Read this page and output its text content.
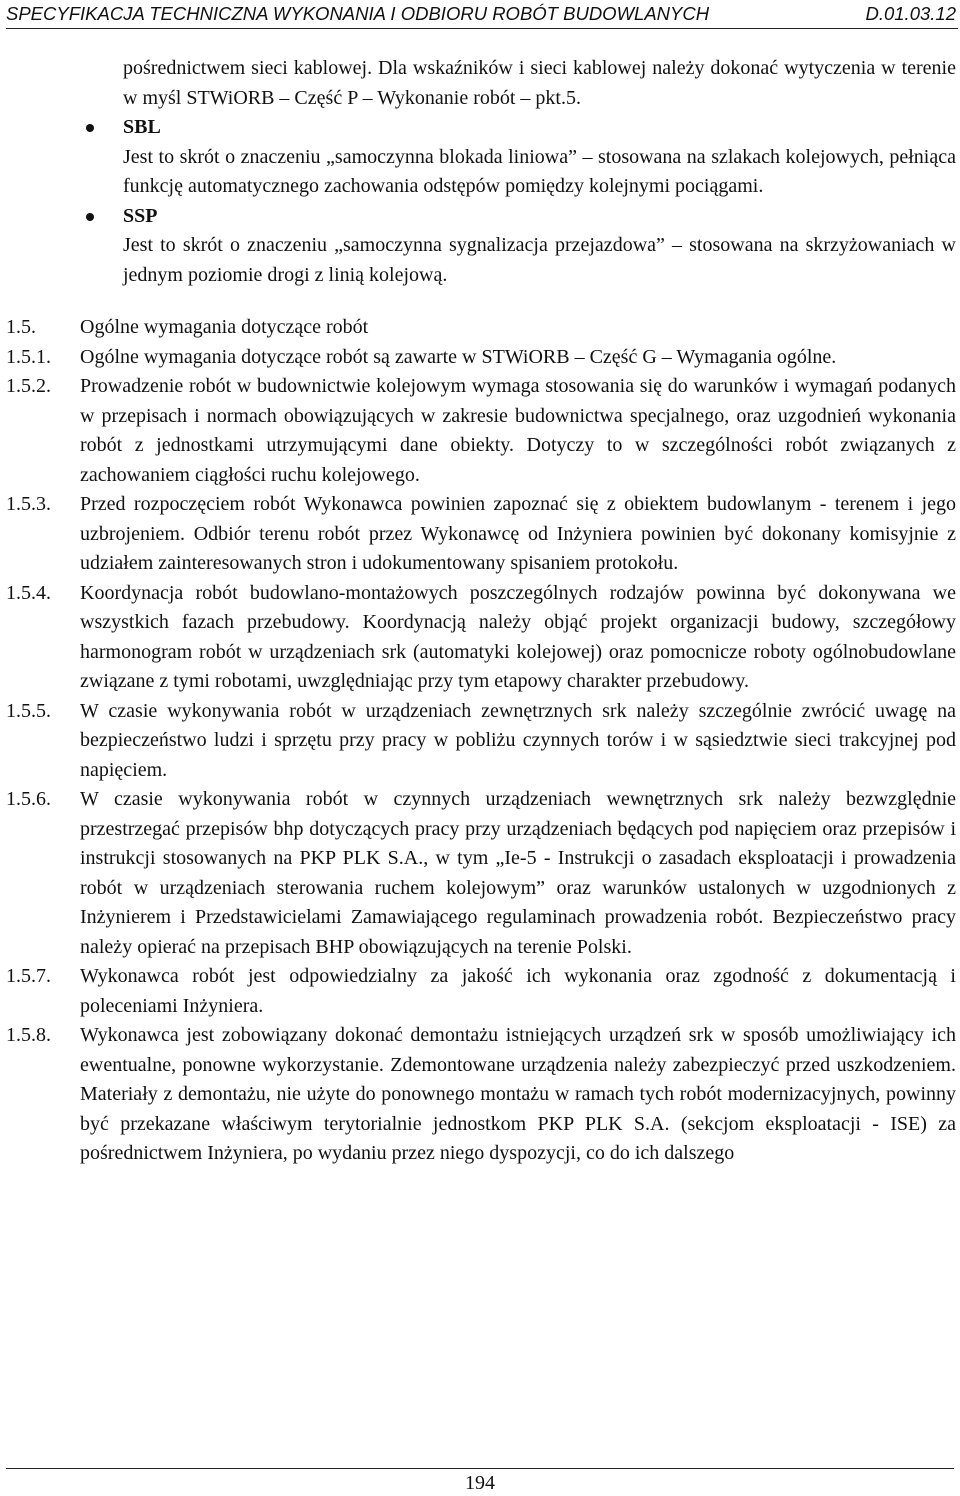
SPECYFIKACJA TECHNICZNA WYKONANIA I ODBIORU ROBÓT BUDOWLANYCH	D.01.03.12
pośrednictwem sieci kablowej. Dla wskaźników i sieci kablowej należy dokonać wytyczenia w terenie w myśl STWiORB – Część P – Wykonanie robót – pkt.5.
SBL
Jest to skrót o znaczeniu „samoczynna blokada liniowa” – stosowana na szlakach kolejowych, pełniąca funkcję automatycznego zachowania odstępów pomiędzy kolejnymi pociągami.
SSP
Jest to skrót o znaczeniu „samoczynna sygnalizacja przejazdowa” – stosowana na skrzyżowaniach w jednym poziomie drogi z linią kolejową.
1.5. Ogólne wymagania dotyczące robót
1.5.1. Ogólne wymagania dotyczące robót są zawarte w STWiORB – Część G – Wymagania ogólne.
1.5.2. Prowadzenie robót w budownictwie kolejowym wymaga stosowania się do warunków i wymagań podanych w przepisach i normach obowiązujących w zakresie budownictwa specjalnego, oraz uzgodnień wykonania robót z jednostkami utrzymującymi dane obiekty. Dotyczy to w szczególności robót związanych z zachowaniem ciągłości ruchu kolejowego.
1.5.3. Przed rozpoczęciem robót Wykonawca powinien zapoznać się z obiektem budowlanym - terenem i jego uzbrojeniem. Odbiór terenu robót przez Wykonawcę od Inżyniera powinien być dokonany komisyjnie z udziałem zainteresowanych stron i udokumentowany spisaniem protokołu.
1.5.4. Koordynacja robót budowlano-montażowych poszczególnych rodzajów powinna być dokonywana we wszystkich fazach przebudowy. Koordynacją należy objąć projekt organizacji budowy, szczegółowy harmonogram robót w urządzeniach srk (automatyki kolejowej) oraz pomocnicze roboty ogólnobudowlane związane z tymi robotami, uwzględniając przy tym etapowy charakter przebudowy.
1.5.5. W czasie wykonywania robót w urządzeniach zewnętrznych srk należy szczególnie zwrócić uwagę na bezpieczeństwo ludzi i sprzętu przy pracy w pobliżu czynnych torów i w sąsiedztwie sieci trakcyjnej pod napięciem.
1.5.6. W czasie wykonywania robót w czynnych urządzeniach wewnętrznych srk należy bezwzględnie przestrzegać przepisów bhp dotyczących pracy przy urządzeniach będących pod napięciem oraz przepisów i instrukcji stosowanych na PKP PLK S.A., w tym „Ie-5 - Instrukcji o zasadach eksploatacji i prowadzenia robót w urządzeniach sterowania ruchem kolejowym” oraz warunków ustalonych w uzgodnionych z Inżynierem i Przedstawicielami Zamawiającego regulaminach prowadzenia robót. Bezpieczeństwo pracy należy opierać na przepisach BHP obowiązujących na terenie Polski.
1.5.7. Wykonawca robót jest odpowiedzialny za jakość ich wykonania oraz zgodność z dokumentacją i poleceniami Inżyniera.
1.5.8. Wykonawca jest zobowiązany dokonać demontażu istniejących urządzeń srk w sposób umożliwiający ich ewentualne, ponowne wykorzystanie. Zdemontowane urządzenia należy zabezpieczyć przed uszkodzeniem. Materiały z demontażu, nie użyte do ponownego montażu w ramach tych robót modernizacyjnych, powinny być przekazane właściwym terytorialnie jednostkom PKP PLK S.A. (sekcjom eksploatacji - ISE) za pośrednictwem Inżyniera, po wydaniu przez niego dyspozycji, co do ich dalszego
194
